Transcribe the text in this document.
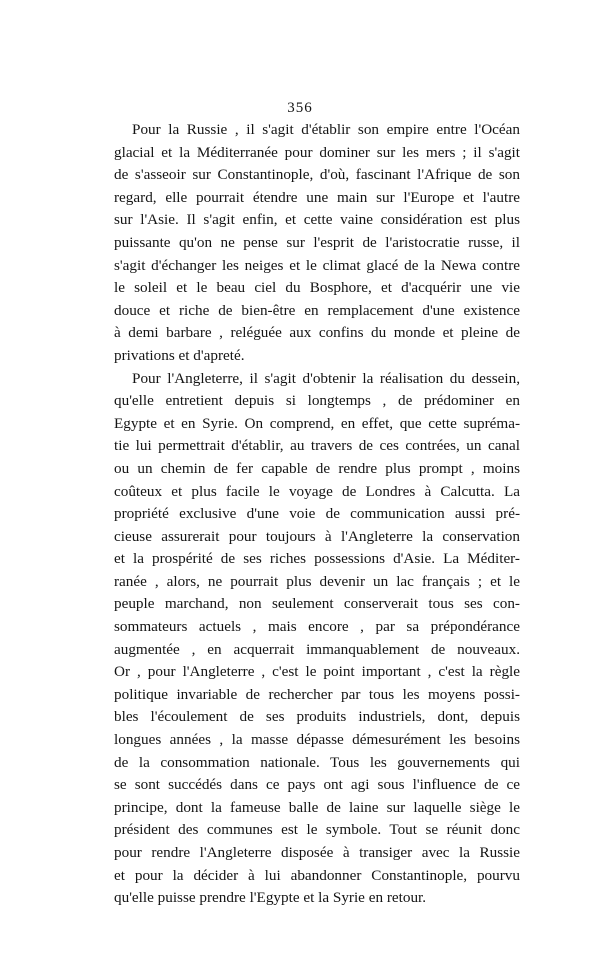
356
Pour la Russie , il s'agit d'établir son empire entre l'Océan
glacial et la Méditerranée pour dominer sur les mers ; il s'agit
de s'asseoir sur Constantinople, d'où, fascinant l'Afrique de son
regard, elle pourrait étendre une main sur l'Europe et l'autre
sur l'Asie. Il s'agit enfin, et cette vaine considération est plus
puissante qu'on ne pense sur l'esprit de l'aristocratie russe, il
s'agit d'échanger les neiges et le climat glacé de la Newa contre
le soleil et le beau ciel du Bosphore, et d'acquérir une vie
douce et riche de bien-être en remplacement d'une existence
à demi barbare , reléguée aux confins du monde et pleine de
privations et d'apreté.
Pour l'Angleterre, il s'agit d'obtenir la réalisation du dessein,
qu'elle entretient depuis si longtemps , de prédominer en
Egypte et en Syrie. On comprend, en effet, que cette supréma-
tie lui permettrait d'établir, au travers de ces contrées, un canal
ou un chemin de fer capable de rendre plus prompt , moins
coûteux et plus facile le voyage de Londres à Calcutta. La
propriété exclusive d'une voie de communication aussi pré-
cieuse assurerait pour toujours à l'Angleterre la conservation
et la prospérité de ses riches possessions d'Asie. La Méditer-
ranée , alors, ne pourrait plus devenir un lac français ; et le
peuple marchand, non seulement conserverait tous ses con-
sommateurs actuels , mais encore , par sa prépondérance
augmentée , en acquerrait immanquablement de nouveaux.
Or , pour l'Angleterre , c'est le point important , c'est la règle
politique invariable de rechercher par tous les moyens possi-
bles l'écoulement de ses produits industriels, dont, depuis
longues années , la masse dépasse démesurément les besoins
de la consommation nationale. Tous les gouvernements qui
se sont succédés dans ce pays ont agi sous l'influence de ce
principe, dont la fameuse balle de laine sur laquelle siège le
président des communes est le symbole. Tout se réunit donc
pour rendre l'Angleterre disposée à transiger avec la Russie
et pour la décider à lui abandonner Constantinople, pourvu
qu'elle puisse prendre l'Egypte et la Syrie en retour.
